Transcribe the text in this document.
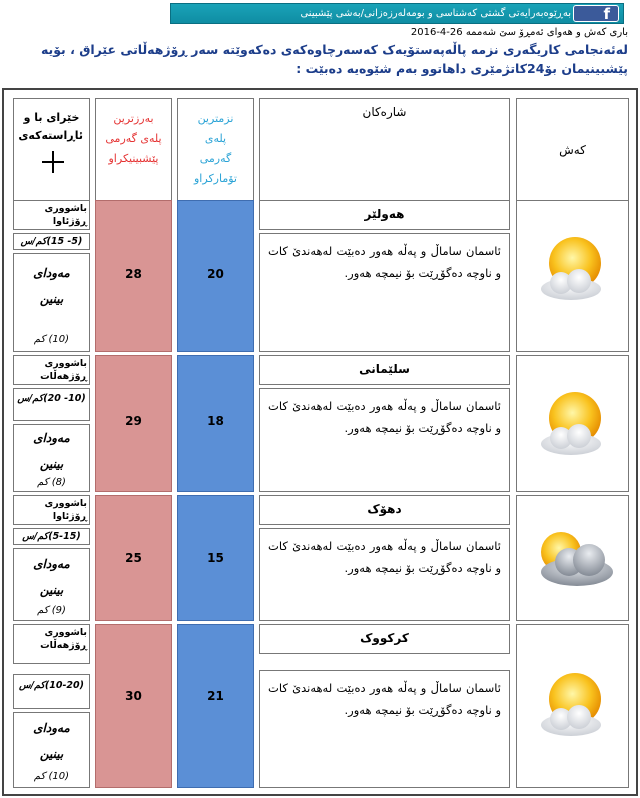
بەڕێوەبەرایەتی گشتی کەشناسی و بومەلەرزەزانی/بەشی پێشبینی f
باری کەش و هەوای ئەمڕۆ سێ شەممە 26-4-2016
لەئەنجامی کاریگەری نزمە پاڵەپەستۆیەک کەسەرچاوەکەی دەکەوێتە سەر ڕۆژهەڵاتی عێراق ، بۆیە
پێشبینیمان بۆ24کاتژمێری داهاتوو بەم شێوەیە دەبێت :
کەش
شارەکان
نزمترین پلەی گەرمی تۆمارکراو
بەرزترین پلەی گەرمی پێشبینیکراو
خێرای با و ئاڕاستەکەی
هەولێر
ئاسمان ساماڵ و پەڵە هەور دەبێت لەهەندێ کات و ناوچە دەگۆڕێت بۆ نیمچە هەور.
20
28
باشووری ڕۆژئاوا
(5- 15)کم/س
مەودای بینین
(10) کم
سلێمانی
ئاسمان ساماڵ و پەڵە هەور دەبێت لەهەندێ کات و ناوچە دەگۆڕێت بۆ نیمچە هەور.
18
29
باشووری ڕۆژهەڵات
(10- 20)کم/س
مەودای بینین
(8) کم
دهۆک
ئاسمان ساماڵ و پەڵە هەور دەبێت لەهەندێ کات و ناوچە دەگۆڕێت بۆ نیمچە هەور.
15
25
باشووری ڕۆژئاوا
(5-15)کم/س
مەودای بینین
(9) کم
کرکووک
ئاسمان ساماڵ و پەڵە هەور دەبێت لەهەندێ کات و ناوچە دەگۆڕێت بۆ نیمچە هەور.
21
30
باشووری ڕۆژهەڵات
(10-20)کم/س
مەودای بینین
(10) کم
